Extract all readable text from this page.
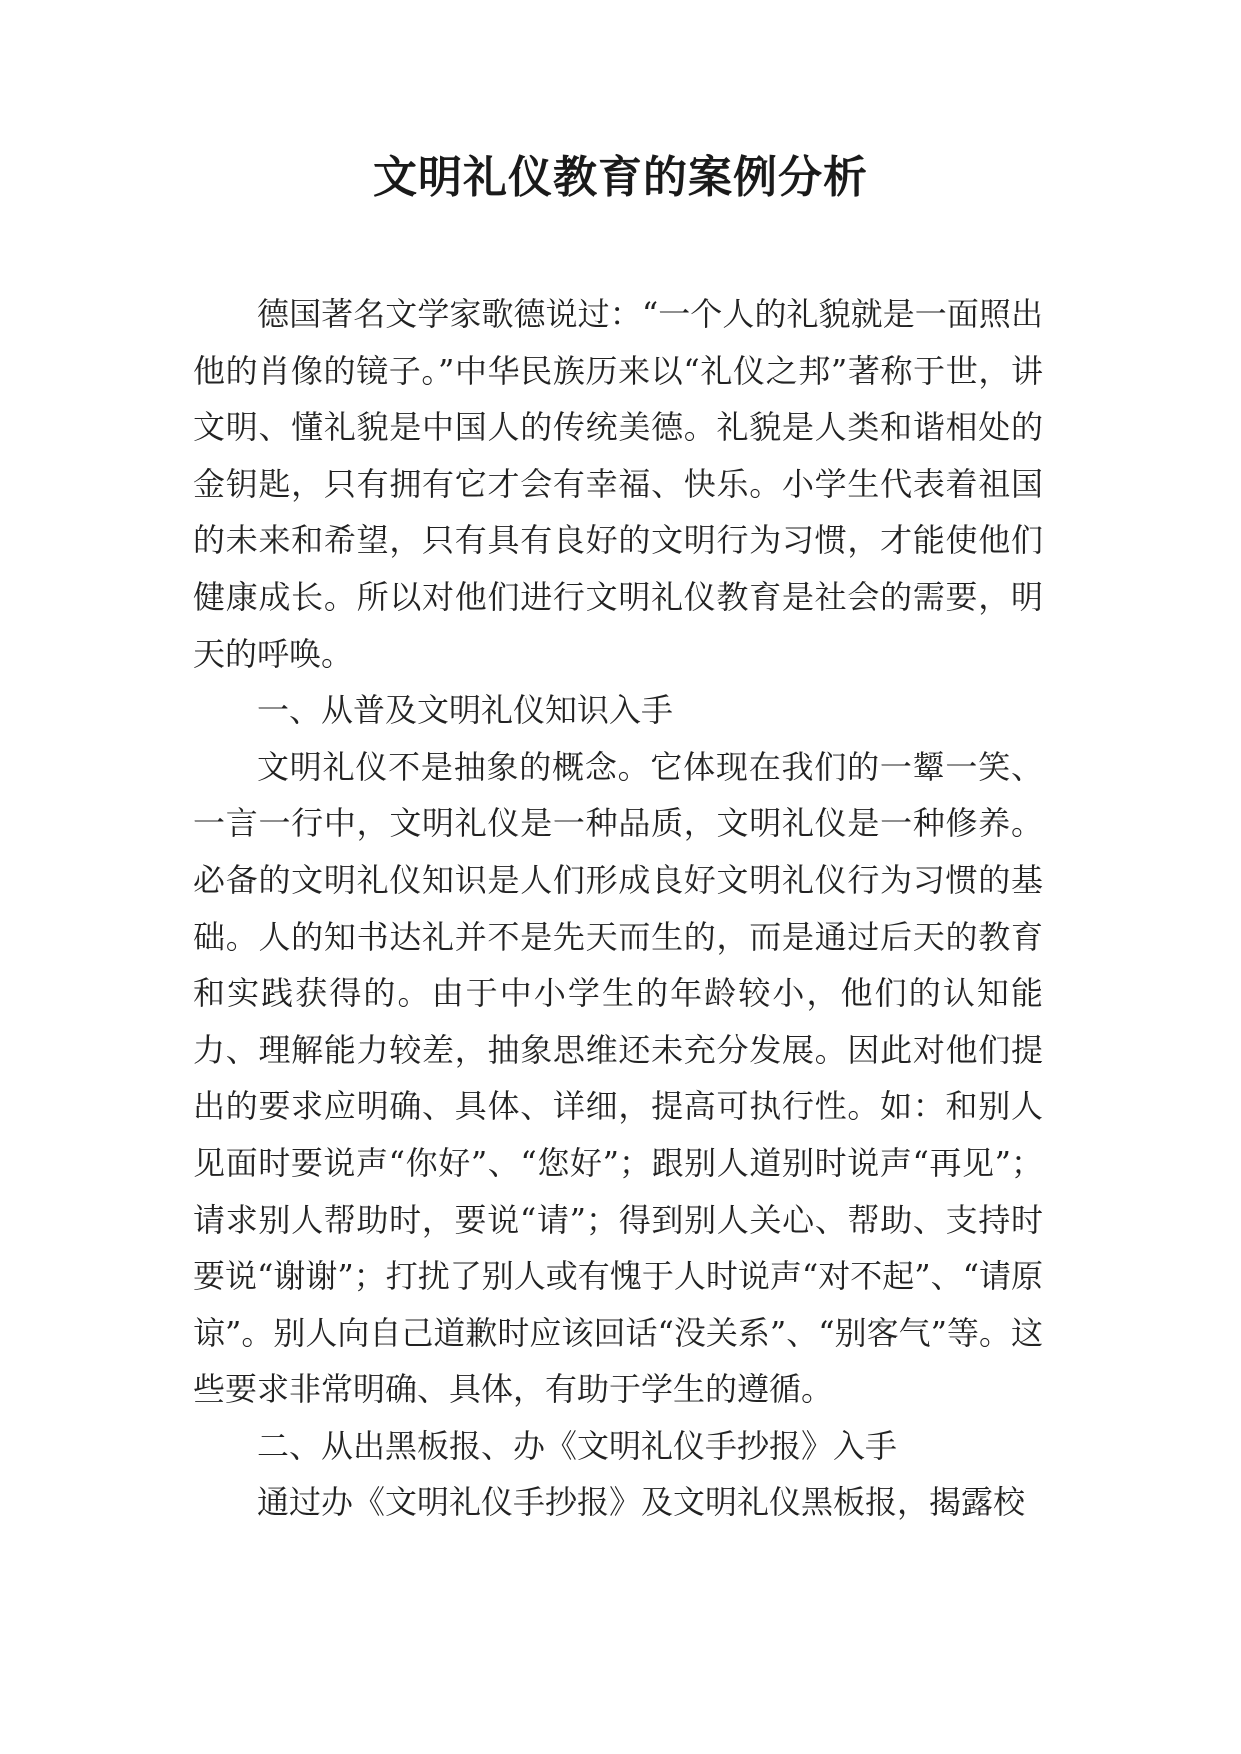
文明礼仪教育的案例分析

德国著名文学家歌德说过：“一个人的礼貌就是一面照出他的肖像的镜子。”中华民族历来以“礼仪之邦”著称于世，讲文明、懂礼貌是中国人的传统美德。礼貌是人类和谐相处的金钥匙，只有拥有它才会有幸福、快乐。小学生代表着祖国的未来和希望，只有具有良好的文明行为习惯，才能使他们健康成长。所以对他们进行文明礼仪教育是社会的需要，明天的呼唤。

一、从普及文明礼仪知识入手

文明礼仪不是抽象的概念。它体现在我们的一颦一笑、一言一行中，文明礼仪是一种品质，文明礼仪是一种修养。必备的文明礼仪知识是人们形成良好文明礼仪行为习惯的基础。人的知书达礼并不是先天而生的，而是通过后天的教育和实践获得的。由于中小学生的年龄较小，他们的认知能力、理解能力较差，抽象思维还未充分发展。因此对他们提出的要求应明确、具体、详细，提高可执行性。如：和别人见面时要说声“你好”、“您好”；跟别人道别时说声“再见”；请求别人帮助时，要说“请”；得到别人关心、帮助、支持时要说“谢谢”；打扰了别人或有愧于人时说声“对不起”、“请原谅”。别人向自己道歉时应该回话“没关系”、“别客气”等。这些要求非常明确、具体，有助于学生的遵循。

二、从出黑板报、办《文明礼仪手抄报》入手

通过办《文明礼仪手抄报》及文明礼仪黑板报，揭露校
